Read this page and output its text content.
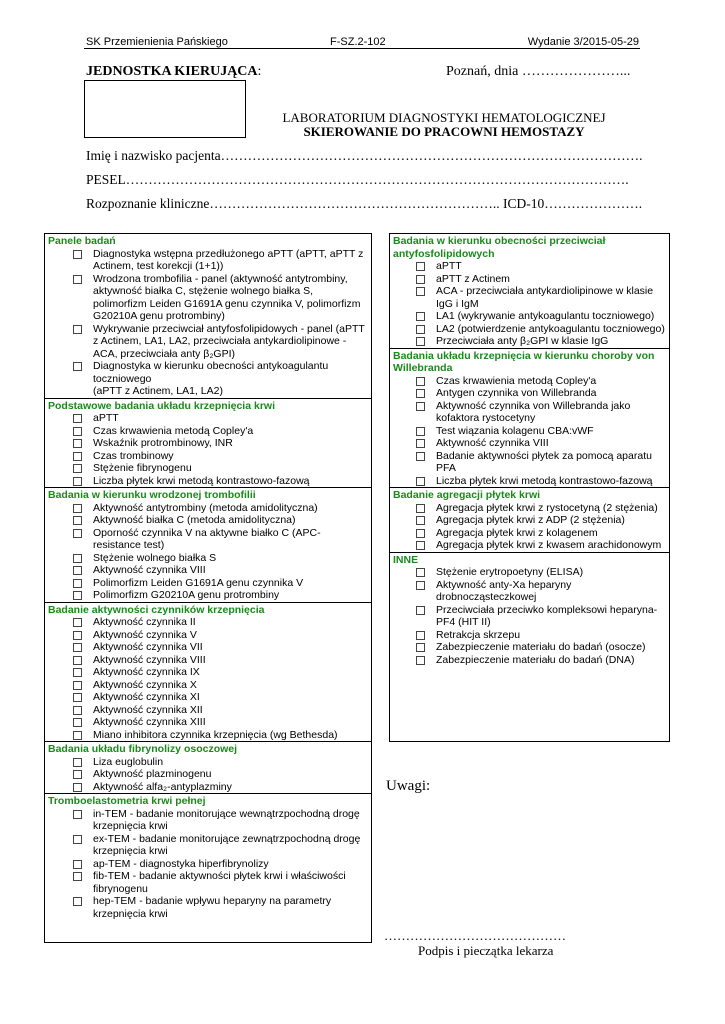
SK Przemienienia Pańskiego	F-SZ.2-102	Wydanie 3/2015-05-29
JEDNOSTKA KIERUJĄCA:	Poznań, dnia …………………...
LABORATORIUM DIAGNOSTYKI HEMATOLOGICZNEJ
SKIEROWANIE DO PRACOWNI HEMOSTAZY
Imię i nazwisko pacjenta………………………………………………………………………………….
PESEL………………………………………………………………………………………………….
Rozpoznanie kliniczne……………………………………………………….. ICD-10………………….
Panele badań
Diagnostyka wstępna przedłużonego aPTT (aPTT, aPTT z Actinem, test korekcji (1+1))
Wrodzona trombofilia - panel (aktywność antytrombiny, aktywność białka C, stężenie wolnego białka S, polimorfizm Leiden G1691A genu czynnika V, polimorfizm G20210A genu protrombiny)
Wykrywanie przeciwciał antyfosfolipidowych - panel (aPTT z Actinem, LA1, LA2, przeciwciała antykardiolipinowe - ACA, przeciwciała anty β₂GPI)
Diagnostyka w kierunku obecności antykoagulantu toczniowego
(aPTT z Actinem, LA1, LA2)
Podstawowe badania układu krzepnięcia krwi
aPTT
Czas krwawienia metodą Copley'a
Wskaźnik protrombinowy, INR
Czas trombinowy
Stężenie fibrynogenu
Liczba płytek krwi metodą kontrastowo-fazową
Badania w kierunku wrodzonej trombofilii
Aktywność antytrombiny (metoda amidolityczna)
Aktywność białka C (metoda amidolityczna)
Oporność czynnika V na aktywne białko C (APC-resistance test)
Stężenie wolnego białka S
Aktywność czynnika VIII
Polimorfizm Leiden G1691A genu czynnika V
Polimorfizm G20210A genu protrombiny
Badanie aktywności czynników krzepnięcia
Aktywność czynnika II
Aktywność czynnika V
Aktywność czynnika VII
Aktywność czynnika VIII
Aktywność czynnika IX
Aktywność czynnika X
Aktywność czynnika XI
Aktywność czynnika XII
Aktywność czynnika XIII
Miano inhibitora czynnika krzepnięcia (wg Bethesda)
Badania układu fibrynolizy osoczowej
Liza euglobulin
Aktywność plazminogenu
Aktywność alfa₂-antyplazminy
Tromboelastometria krwi pełnej
in-TEM - badanie monitorujące wewnątrzpochodną drogę krzepnięcia krwi
ex-TEM - badanie monitorujące zewnątrzpochodną drogę krzepnięcia krwi
ap-TEM - diagnostyka hiperfibrynolizy
fib-TEM - badanie aktywności płytek krwi i właściwości fibrynogenu
hep-TEM - badanie wpływu heparyny na parametry krzepnięcia krwi
Badania w kierunku obecności przeciwciał antyfosfolipidowych
aPTT
aPTT z Actinem
ACA - przeciwciała antykardiolipinowe w klasie IgG i IgM
LA1 (wykrywanie antykoagulantu toczniowego)
LA2 (potwierdzenie antykoagulantu toczniowego)
Przeciwciała anty β₂GPI w klasie IgG
Badania układu krzepnięcia w kierunku choroby von Willebranda
Czas krwawienia metodą Copley'a
Antygen czynnika von Willebranda
Aktywność czynnika von Willebranda jako kofaktora rystocetyny
Test wiązania kolagenu CBA:vWF
Aktywność czynnika VIII
Badanie aktywności płytek za pomocą aparatu PFA
Liczba płytek krwi metodą kontrastowo-fazową
Badanie agregacji płytek krwi
Agregacja płytek krwi z rystocetyną (2 stężenia)
Agregacja płytek krwi z ADP (2 stężenia)
Agregacja płytek krwi z kolagenem
Agregacja płytek krwi z kwasem arachidonowym
INNE
Stężenie erytropoetyny (ELISA)
Aktywność anty-Xa heparyny drobnocząsteczkowej
Przeciwciała przeciwko kompleksowi heparyna-PF4 (HIT II)
Retrakcja skrzepu
Zabezpieczenie materiału do badań (osocze)
Zabezpieczenie materiału do badań (DNA)
Uwagi:
……………………………………
Podpis i pieczątka lekarza
